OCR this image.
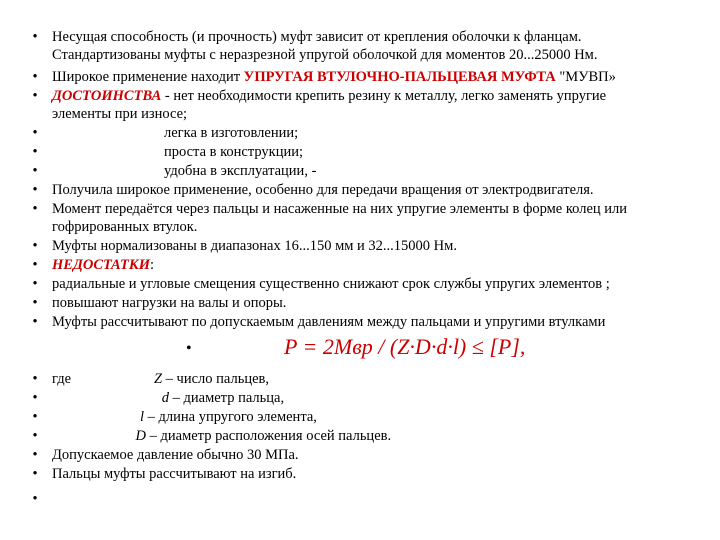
• Несущая способность (и прочность) муфт зависит от крепления оболочки к фланцам.
Стандартизованы муфты с неразрезной упругой оболочкой для моментов 20...25000 Нм.
• Широкое применение находит УПРУГАЯ ВТУЛОЧНО-ПАЛЬЦЕВАЯ МУФТА "МУВП»
• ДОСТОИНСТВА - нет необходимости крепить резину к металлу, легко заменять упругие
элементы при износе;
•	легка в изготовлении;
•	проста в конструкции;
•	удобна в эксплуатации, -
• Получила широкое применение, особенно для передачи вращения от электродвигателя.
• Момент передаётся через пальцы и насаженные на них упругие элементы в форме колец или
гофрированных втулок.
• Муфты нормализованы в диапазонах 16...150 мм и 32...15000 Нм.
• НЕДОСТАТКИ:
• радиальные и угловые смещения существенно снижают срок службы упругих элементов ;
• повышают нагрузки на валы и опоры.
• Муфты рассчитывают по допускаемым давлениям между пальцами и упругими втулками
•	P = 2Mвр / (Z·D·d·l) ≤ [P],
• где	Z – число пальцев,
•	d – диаметр пальца,
•	l – длина упругого элемента,
•	D – диаметр расположения осей пальцев.
• Допускаемое давление обычно 30 МПа.
• Пальцы муфты рассчитывают на изгиб.
•
